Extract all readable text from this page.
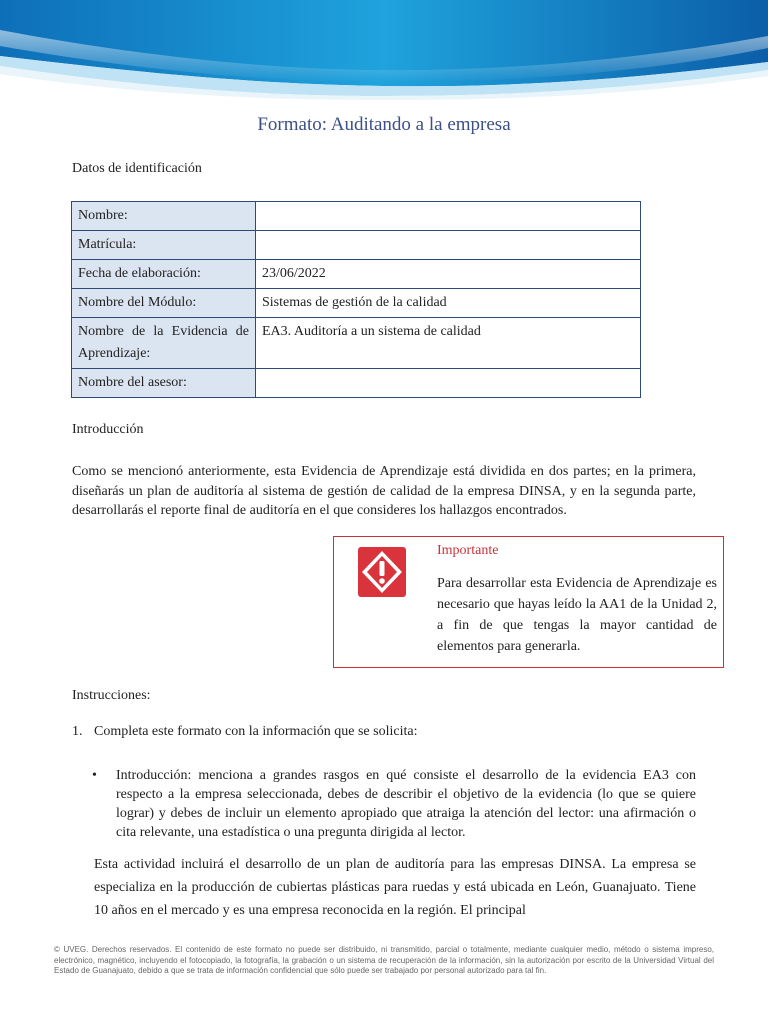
Formato: Auditando a la empresa
Datos de identificación
Nombre:	
Matrícula:	
Fecha de elaboración:	23/06/2022
Nombre del Módulo:	Sistemas de gestión de la calidad
Nombre de la Evidencia de Aprendizaje:	EA3. Auditoría a un sistema de calidad
Nombre del asesor:	
Introducción
Como se mencionó anteriormente, esta Evidencia de Aprendizaje está dividida en dos partes; en la primera, diseñarás un plan de auditoría al sistema de gestión de calidad de la empresa DINSA, y en la segunda parte, desarrollarás el reporte final de auditoría en el que consideres los hallazgos encontrados.
Importante
Para desarrollar esta Evidencia de Aprendizaje es necesario que hayas leído la AA1 de la Unidad 2, a fin de que tengas la mayor cantidad de elementos para generarla.
Instrucciones:
1. Completa este formato con la información que se solicita:
• Introducción: menciona a grandes rasgos en qué consiste el desarrollo de la evidencia EA3 con respecto a la empresa seleccionada, debes de describir el objetivo de la evidencia (lo que se quiere lograr) y debes de incluir un elemento apropiado que atraiga la atención del lector: una afirmación o cita relevante, una estadística o una pregunta dirigida al lector.
Esta actividad incluirá el desarrollo de un plan de auditoría para las empresas DINSA. La empresa se especializa en la producción de cubiertas plásticas para ruedas y está ubicada en León, Guanajuato. Tiene 10 años en el mercado y es una empresa reconocida en la región. El principal
© UVEG. Derechos reservados. El contenido de este formato no puede ser distribuido, ni transmitido, parcial o totalmente, mediante cualquier medio, método o sistema impreso, electrónico, magnético, incluyendo el fotocopiado, la fotografía, la grabación o un sistema de recuperación de la información, sin la autorización por escrito de la Universidad Virtual del Estado de Guanajuato, debido a que se trata de información confidencial que sólo puede ser trabajado por personal autorizado para tal fin.
